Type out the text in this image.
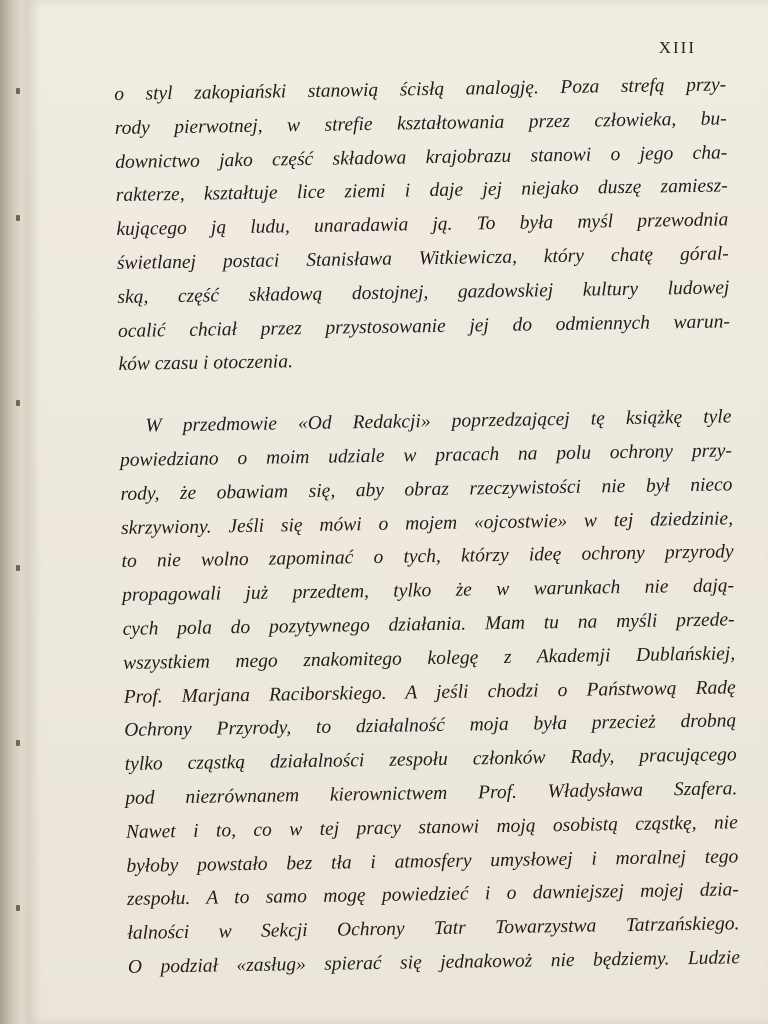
XIII
o styl zakopiański stanowią ścisłą analogję. Poza strefą przy-
rody pierwotnej, w strefie kształtowania przez człowieka, bu-
downictwo jako część składowa krajobrazu stanowi o jego cha-
rakterze, kształtuje lice ziemi i daje jej niejako duszę zamiesz-
kującego ją ludu, unaradawia ją. To była myśl przewodnia
świetlanej postaci Stanisława Witkiewicza, który chatę góral-
ską, część składową dostojnej, gazdowskiej kultury ludowej
ocalić chciał przez przystosowanie jej do odmiennych warun-
ków czasu i otoczenia.
W przedmowie «Od Redakcji» poprzedzającej tę książkę tyle
powiedziano o moim udziale w pracach na polu ochrony przy-
rody, że obawiam się, aby obraz rzeczywistości nie był nieco
skrzywiony. Jeśli się mówi o mojem «ojcostwie» w tej dziedzinie,
to nie wolno zapominać o tych, którzy ideę ochrony przyrody
propagowali już przedtem, tylko że w warunkach nie dają-
cych pola do pozytywnego działania. Mam tu na myśli przede-
wszystkiem mego znakomitego kolegę z Akademji Dublańskiej,
Prof. Marjana Raciborskiego. A jeśli chodzi o Państwową Radę
Ochrony Przyrody, to działalność moja była przecież drobną
tylko cząstką działalności zespołu członków Rady, pracującego
pod niezrównanem kierownictwem Prof. Władysława Szafera.
Nawet i to, co w tej pracy stanowi moją osobistą cząstkę, nie
byłoby powstało bez tła i atmosfery umysłowej i moralnej tego
zespołu. A to samo mogę powiedzieć i o dawniejszej mojej dzia-
łalności w Sekcji Ochrony Tatr Towarzystwa Tatrzańskiego.
O podział «zasług» spierać się jednakowoż nie będziemy. Ludzie
